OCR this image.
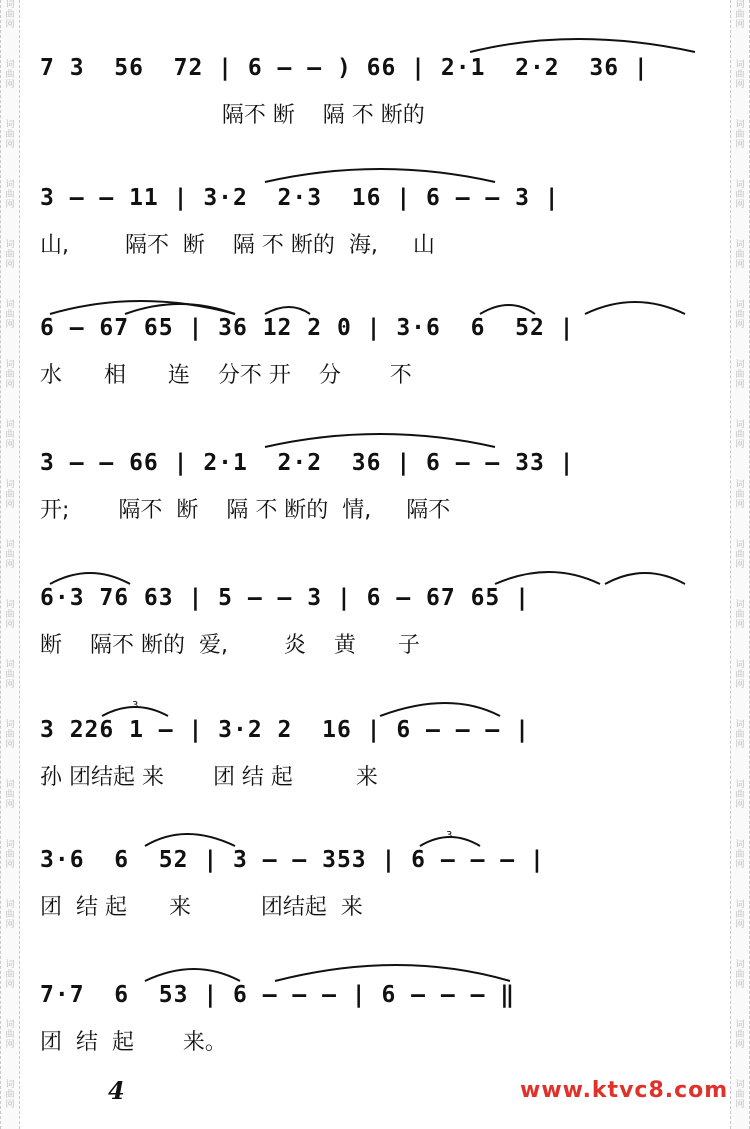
词
曲
网
词
曲
网
词
曲
网
词
曲
网
词
曲
网
词
曲
网
词
曲
网
词
曲
网
词
曲
网
词
曲
网
词
曲
网
词
曲
网
词
曲
网
词
曲
网
词
曲
网
词
曲
网
词
曲
网
词
曲
网
词
曲
网
词
曲
网
词
曲
网
词
曲
网
词
曲
网
词
曲
网
词
曲
网
词
曲
网
词
曲
网
词
曲
网
词
曲
网
词
曲
网
词
曲
网
词
曲
网
词
曲
网
词
曲
网
词
曲
网
词
曲
网
词
曲
网
词
曲
网
7 3  56  72 | 6 — — ) 66 | 2·1  2·2  36 |
隔不 断    隔 不 断的
3 — — 11 | 3·2  2·3  16 | 6 — — 3 |
山,        隔不  断    隔 不 断的  海,     山
6 — 67 65 | 36 12 2 0 | 3·6  6  52 |
水      相      连    分不 开    分       不
3 — — 66 | 2·1  2·2  36 | 6 — — 33 |
开;       隔不  断    隔 不 断的  情,     隔不
6·3 76 63 | 5 — — 3 | 6 — 67 65 |
断    隔不 断的  爱,        炎    黄      子
3
3 226 1 — | 3·2 2  16 | 6 — — — |
孙 团结起 来       团 结 起         来
3
3·6  6  52 | 3 — — 353 | 6 — — — |
团  结 起      来          团结起  来
7·7  6  53 | 6 — — — | 6 — — — ‖
团  结  起       来。
4	www.ktvc8.com
